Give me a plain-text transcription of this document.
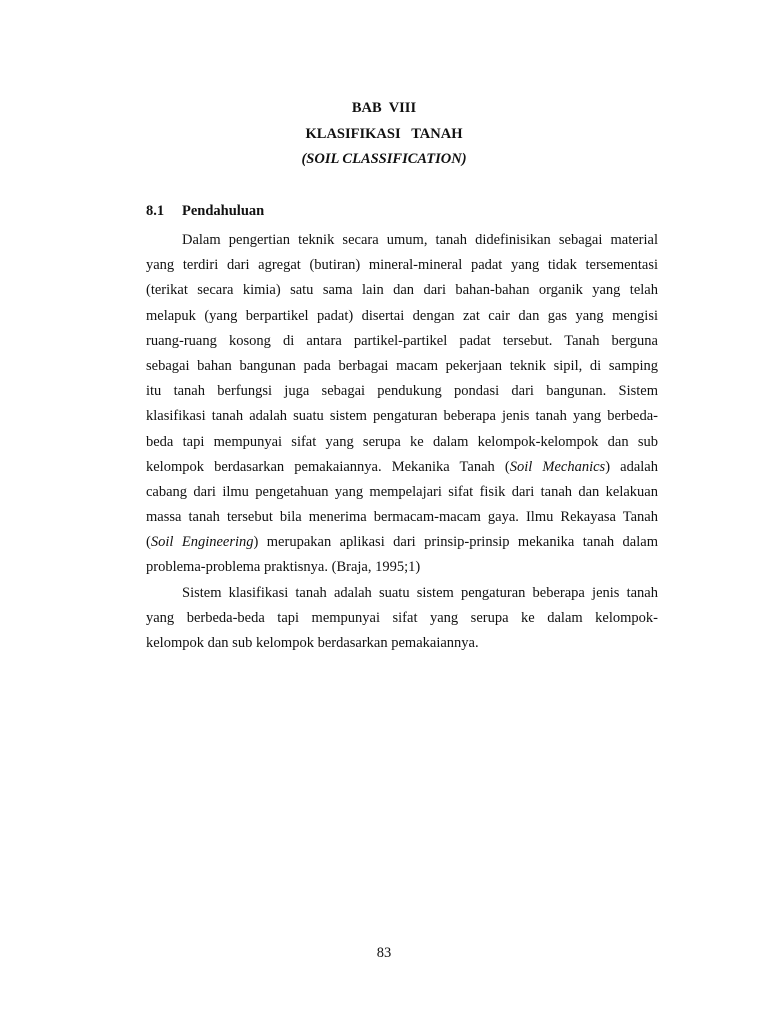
BAB  VIII
KLASIFIKASI   TANAH
(SOIL CLASSIFICATION)
8.1 Pendahuluan
Dalam pengertian teknik secara umum, tanah didefinisikan sebagai material
yang terdiri dari agregat (butiran) mineral-mineral padat yang tidak tersementasi
(terikat secara kimia) satu sama lain dan dari bahan-bahan organik yang telah
melapuk (yang berpartikel padat) disertai dengan zat cair dan gas yang mengisi
ruang-ruang kosong di antara partikel-partikel padat tersebut. Tanah berguna
sebagai bahan bangunan pada berbagai macam pekerjaan teknik sipil, di samping
itu tanah berfungsi juga sebagai pendukung pondasi dari bangunan. Sistem
klasifikasi tanah adalah suatu sistem pengaturan beberapa jenis tanah yang berbeda-
beda tapi mempunyai sifat yang serupa ke dalam kelompok-kelompok dan sub
kelompok berdasarkan pemakaiannya. Mekanika Tanah (Soil Mechanics) adalah
cabang dari ilmu pengetahuan yang mempelajari sifat fisik dari tanah dan kelakuan
massa tanah tersebut bila menerima bermacam-macam gaya. Ilmu Rekayasa Tanah
(Soil Engineering) merupakan aplikasi dari prinsip-prinsip mekanika tanah dalam
problema-problema praktisnya. (Braja, 1995;1)
Sistem klasifikasi tanah adalah suatu sistem pengaturan beberapa jenis tanah
yang berbeda-beda tapi mempunyai sifat yang serupa ke dalam kelompok-
kelompok dan sub kelompok berdasarkan pemakaiannya.
83
